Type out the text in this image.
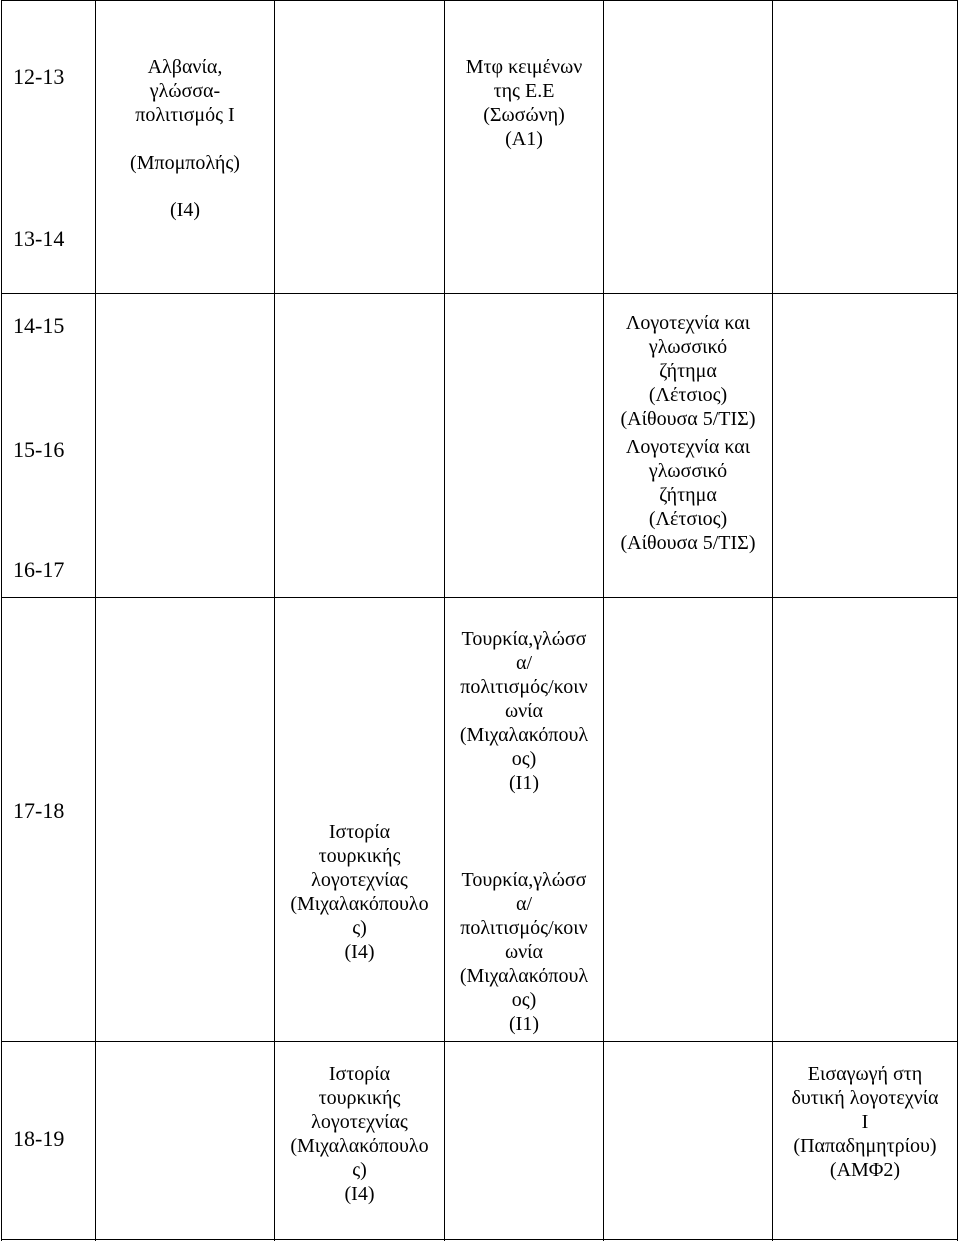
12-13
13-14
14-15
15-16
16-17
17-18
18-19
Αλβανία,
γλώσσα-
πολιτισμός Ι
(Μπομπολής)
(Ι4)
Μτφ κειμένων
της Ε.Ε
(Σωσώνη)
(Α1)
Λογοτεχνία και
γλωσσικό
ζήτημα
(Λέτσιος)
(Αίθουσα 5/ΤΙΣ)
Λογοτεχνία και
γλωσσικό
ζήτημα
(Λέτσιος)
(Αίθουσα 5/ΤΙΣ)
Τουρκία,γλώσσ
α/
πολιτισμός/κοιν
ωνία
(Μιχαλακόπουλ
ος)
(Ι1)
Τουρκία,γλώσσ
α/
πολιτισμός/κοιν
ωνία
(Μιχαλακόπουλ
ος)
(Ι1)
Ιστορία
τουρκικής
λογοτεχνίας
(Μιχαλακόπουλο
ς)
(Ι4)
Ιστορία
τουρκικής
λογοτεχνίας
(Μιχαλακόπουλο
ς)
(Ι4)
Εισαγωγή στη
δυτική λογοτεχνία
Ι
(Παπαδημητρίου)
(ΑΜΦ2)
